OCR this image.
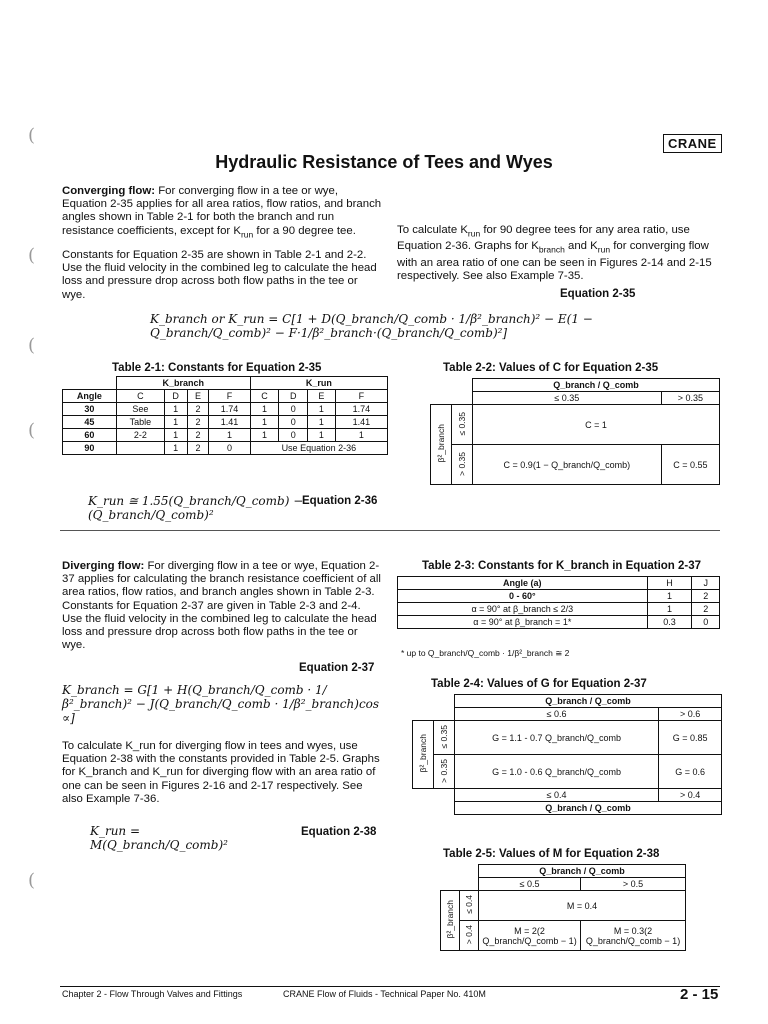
(
(
(
(
(
CRANE
Hydraulic Resistance of Tees and Wyes
Converging flow: For converging flow in a tee or wye, Equation 2-35 applies for all area ratios, flow ratios, and branch angles shown in Table 2-1 for both the branch and run resistance coefficients, except for $K_{run}$ for a 90 degree tee.
Constants for Equation 2-35 are shown in Table 2-1 and 2-2. Use the fluid velocity in the combined leg to calculate the head loss and pressure drop across both flow paths in the tee or wye.
To calculate $K_{run}$ for 90 degree tees for any area ratio, use Equation 2-36. Graphs for $K_{branch}$ and $K_{run}$ for converging flow with an area ratio of one can be seen in Figures 2-14 and 2-15 respectively. See also Example 7-35.
Equation 2-35
K_branch or K_run = C[1 + D(Q_branch/Q_comb · 1/β²_branch)² − E(1 − Q_branch/Q_comb)² − F·1/β²_branch·(Q_branch/Q_comb)²]
Table 2-1: Constants for Equation 2-35
	K_branch				K_run			
Angle	C	D	E	F	C	D	E	F
30	See	1	2	1.74	1	0	1	1.74
45	Table	1	2	1.41	1	0	1	1.41
60	2-2	1	2	1	1	0	1	1
90		1	2	0	Use Equation 2-36			
Table 2-2: Values of C for Equation 2-35
		Q_branch / Q_comb	
		≤ 0.35	> 0.35
β²_branch	≤ 0.35	C = 1	
	> 0.35	C = 0.9(1 − Q_branch/Q_comb)	C = 0.55
K_run ≅ 1.55(Q_branch/Q_comb) − (Q_branch/Q_comb)²
Equation 2-36
Diverging flow: For diverging flow in a tee or wye, Equation 2-37 applies for calculating the branch resistance coefficient of all area ratios, flow ratios, and branch angles shown in Table 2-3. Constants for Equation 2-37 are given in Table 2-3 and 2-4. Use the fluid velocity in the combined leg to calculate the head loss and pressure drop across both flow paths in the tee or wye.
Equation 2-37
K_branch = G[1 + H(Q_branch/Q_comb · 1/β²_branch)² − J(Q_branch/Q_comb · 1/β²_branch)cos ∝]
To calculate K_run for diverging flow in tees and wyes, use Equation 2-38 with the constants provided in Table 2-5. Graphs for K_branch and K_run for diverging flow with an area ratio of one can be seen in Figures 2-16 and 2-17 respectively. See also Example 7-36.
K_run = M(Q_branch/Q_comb)²
Equation 2-38
Table 2-3: Constants for K_branch in Equation 2-37
Angle (a)	H	J
0 - 60°	1	2
α = 90° at β_branch ≤ 2/3	1	2
α = 90° at β_branch = 1*	0.3	0
* up to Q_branch/Q_comb · 1/β²_branch ≅ 2
Table 2-4: Values of G for Equation 2-37
		Q_branch / Q_comb	
		≤ 0.6	> 0.6
β²_branch	≤ 0.35	G = 1.1 - 0.7 Q_branch/Q_comb	G = 0.85
	> 0.35	G = 1.0 - 0.6 Q_branch/Q_comb	G = 0.6
		≤ 0.4	> 0.4
		Q_branch / Q_comb	
Table 2-5: Values of M for Equation 2-38
		Q_branch / Q_comb	
		≤ 0.5	> 0.5
β²_branch	≤ 0.4	M = 0.4	
	> 0.4	M = 2(2 Q_branch/Q_comb − 1)	M = 0.3(2 Q_branch/Q_comb − 1)
Chapter 2 - Flow Through Valves and Fittings	CRANE Flow of Fluids - Technical Paper No. 410M	2 - 15
